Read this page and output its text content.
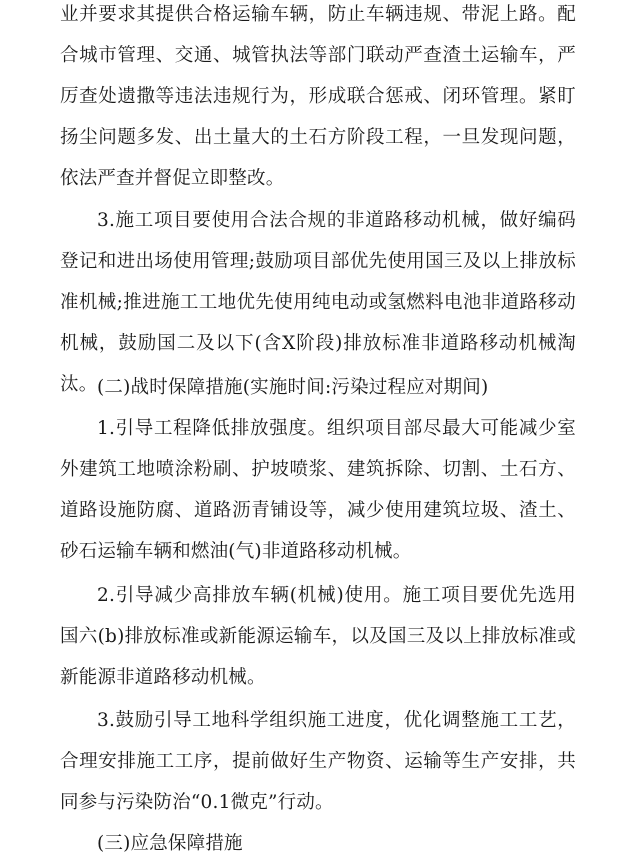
业并要求其提供合格运输车辆，防止车辆违规、带泥上路。配合城市管理、交通、城管执法等部门联动严查渣土运输车，严厉查处遗撒等违法违规行为，形成联合惩戒、闭环管理。紧盯扬尘问题多发、出土量大的土石方阶段工程，一旦发现问题，依法严查并督促立即整改。

3.施工项目要使用合法合规的非道路移动机械，做好编码登记和进出场使用管理;鼓励项目部优先使用国三及以上排放标准机械;推进施工工地优先使用纯电动或氢燃料电池非道路移动机械，鼓励国二及以下(含X阶段)排放标准非道路移动机械淘汰。 (二)战时保障措施(实施时间:污染过程应对期间)

1.引导工程降低排放强度。组织项目部尽最大可能减少室外建筑工地喷涂粉刷、护坡喷浆、建筑拆除、切割、土石方、道路设施防腐、道路沥青铺设等，减少使用建筑垃圾、渣土、砂石运输车辆和燃油(气)非道路移动机械。

2.引导减少高排放车辆(机械)使用。施工项目要优先选用国六(b)排放标准或新能源运输车，以及国三及以上排放标准或新能源非道路移动机械。

3.鼓励引导工地科学组织施工进度，优化调整施工工艺，合理安排施工工序，提前做好生产物资、运输等生产安排，共同参与污染防治“0.1微克”行动。

(三)应急保障措施
